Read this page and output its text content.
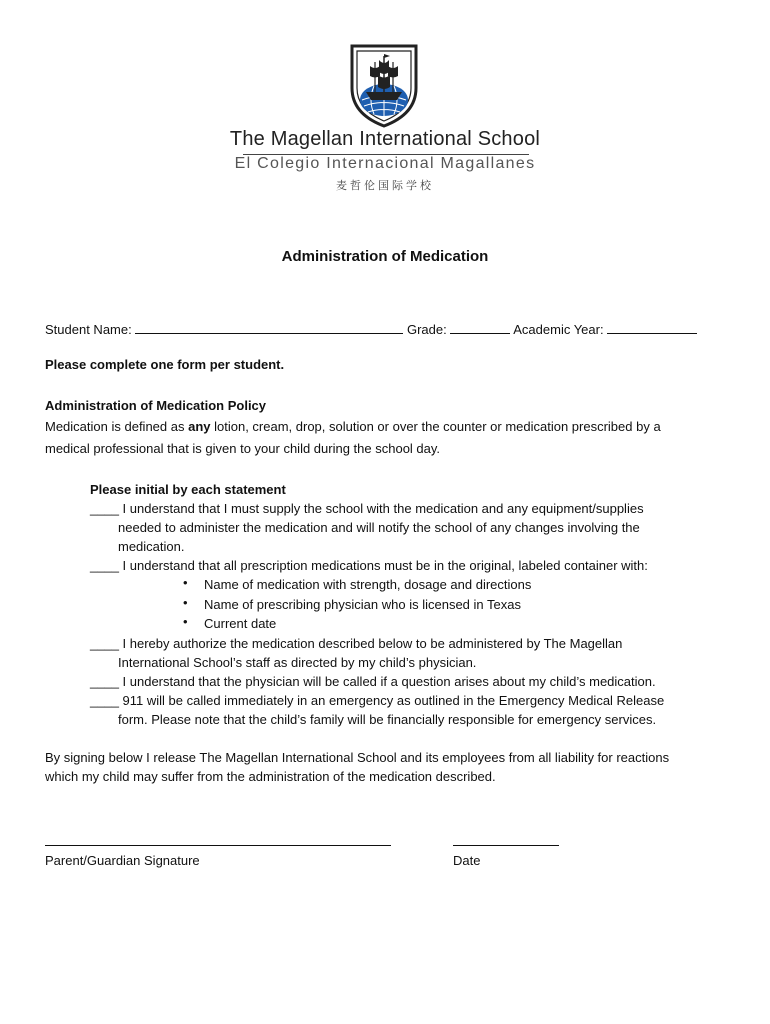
The Magellan International School
El Colegio Internacional Magallanes
麦哲伦国际学校
Administration of Medication
Student Name:	Grade:	Academic Year:
Please complete one form per student.
Administration of Medication Policy
Medication is defined as any lotion, cream, drop, solution or over the counter or medication prescribed by a
medical professional that is given to your child during the school day.
Please initial by each statement
____ I understand that I must supply the school with the medication and any equipment/supplies
needed to administer the medication and will notify the school of any changes involving the
medication.
____ I understand that all prescription medications must be in the original, labeled container with:
• Name of medication with strength, dosage and directions
• Name of prescribing physician who is licensed in Texas
• Current date
____ I hereby authorize the medication described below to be administered by The Magellan
International School’s staff as directed by my child’s physician.
____ I understand that the physician will be called if a question arises about my child’s medication.
____ 911 will be called immediately in an emergency as outlined in the Emergency Medical Release
form. Please note that the child’s family will be financially responsible for emergency services.
By signing below I release The Magellan International School and its employees from all liability for reactions
which my child may suffer from the administration of the medication described.
Parent/Guardian Signature	Date
